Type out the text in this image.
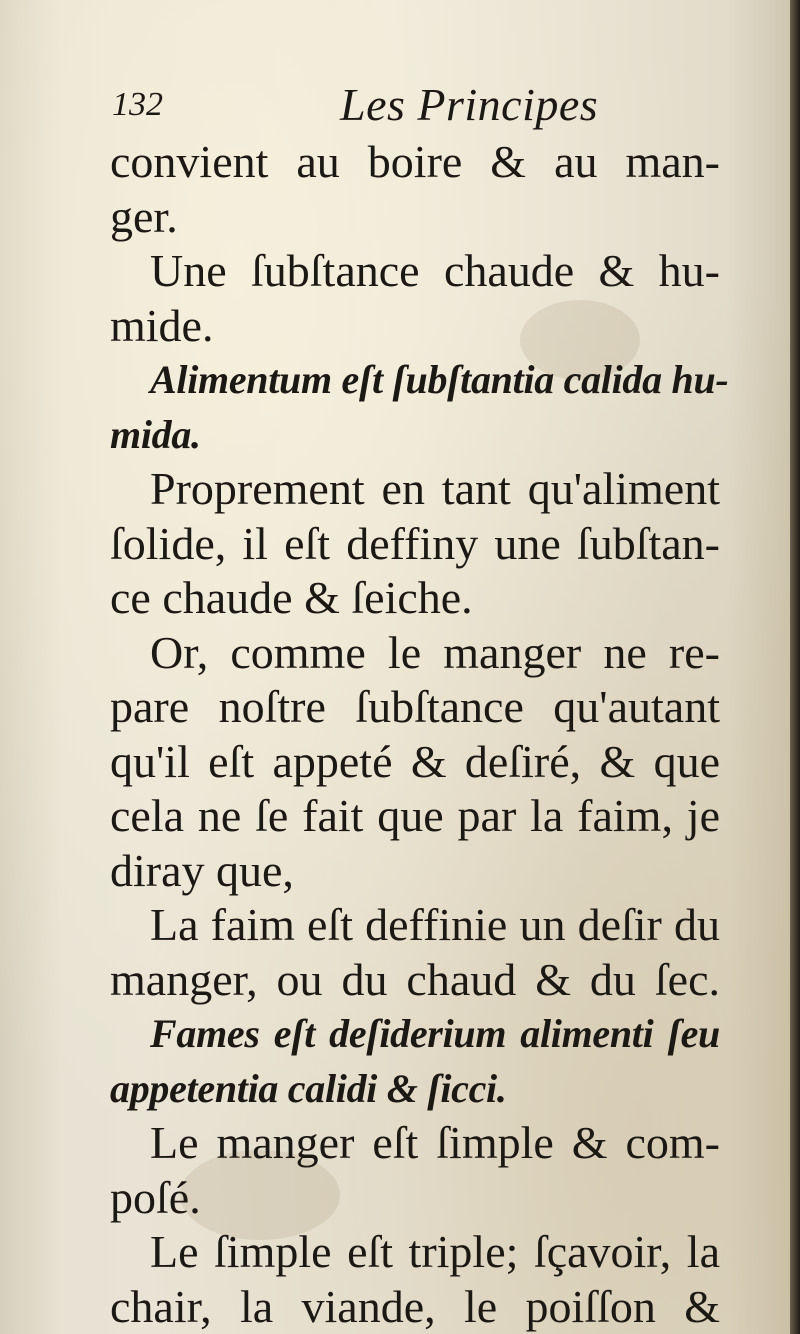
132	Les Principes
convient au boire & au man-
ger.
Une ſubſtance chaude & hu-
mide.
Alimentum eſt ſubſtantia calida hu-
mida.
Proprement en tant qu'aliment
ſolide, il eſt deffiny une ſubſtan-
ce chaude & ſeiche.
Or, comme le manger ne re-
pare noſtre ſubſtance qu'autant
qu'il eſt appeté & deſiré, & que
cela ne ſe fait que par la faim, je
diray que,
La faim eſt deffinie un deſir du
manger, ou du chaud & du ſec.
Fames eſt deſiderium alimenti ſeu
appetentia calidi & ſicci.
Le manger eſt ſimple & com-
poſé.
Le ſimple eſt triple; ſçavoir, la
chair, la viande, le poiſſon &
